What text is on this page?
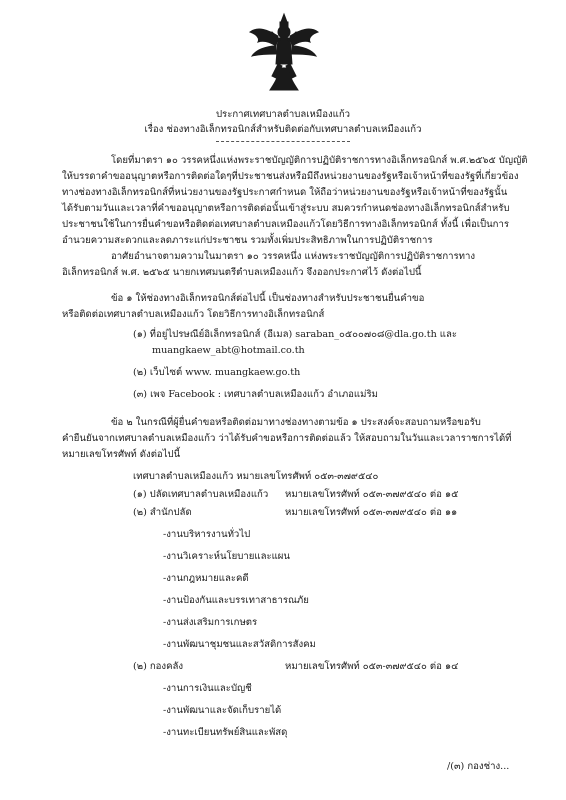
ประกาศเทศบาลตำบลเหมืองแก้ว
เรื่อง ช่องทางอิเล็กทรอนิกส์สำหรับติดต่อกับเทศบาลตำบลเหมืองแก้ว
โดยที่มาตรา ๑๐ วรรคหนึ่งแห่งพระราชบัญญัติการปฏิบัติราชการทางอิเล็กทรอนิกส์ พ.ศ.๒๕๖๕ บัญญัติ
ให้บรรดาคำขออนุญาตหรือการติดต่อใดๆที่ประชาชนส่งหรือมีถึงหน่วยงานของรัฐหรือเจ้าหน้าที่ของรัฐที่เกี่ยวข้อง
ทางช่องทางอิเล็กทรอนิกส์ที่หน่วยงานของรัฐประกาศกำหนด ให้ถือว่าหน่วยงานของรัฐหรือเจ้าหน้าที่ของรัฐนั้น
ได้รับตามวันและเวลาที่คำขออนุญาตหรือการติดต่อนั้นเข้าสู่ระบบ สมควรกำหนดช่องทางอิเล็กทรอนิกส์สำหรับ
ประชาชนใช้ในการยื่นคำขอหรือติดต่อเทศบาลตำบลเหมืองแก้วโดยวิธีการทางอิเล็กทรอนิกส์ ทั้งนี้ เพื่อเป็นการ
อำนวยความสะดวกและลดภาระแก่ประชาชน รวมทั้งเพิ่มประสิทธิภาพในการปฏิบัติราชการ
อาศัยอำนาจตามความในมาตรา ๑๐ วรรคหนึ่ง แห่งพระราชบัญญัติการปฏิบัติราชการทาง
อิเล็กทรอนิกส์ พ.ศ. ๒๕๖๕ นายกเทศมนตรีตำบลเหมืองแก้ว จึงออกประกาศไว้ ดังต่อไปนี้
ข้อ ๑ ให้ช่องทางอิเล็กทรอนิกส์ต่อไปนี้ เป็นช่องทางสำหรับประชาชนยื่นคำขอ
หรือติดต่อเทศบาลตำบลเหมืองแก้ว โดยวิธีการทางอิเล็กทรอนิกส์
(๑) ที่อยู่ไปรษณีย์อิเล็กทรอนิกส์ (อีเมล) saraban_๐๕๐๐๗๐๘@dla.go.th และ
muangkaew_abt@hotmail.co.th
(๒) เว็บไซต์ www. muangkaew.go.th
(๓) เพจ Facebook : เทศบาลตำบลเหมืองแก้ว อำเภอแม่ริม
ข้อ ๒ ในกรณีที่ผู้ยื่นคำขอหรือติดต่อมาทางช่องทางตามข้อ ๑ ประสงค์จะสอบถามหรือขอรับ
คำยืนยันจากเทศบาลตำบลเหมืองแก้ว ว่าได้รับคำขอหรือการติดต่อแล้ว ให้สอบถามในวันและเวลาราชการได้ที่
หมายเลขโทรศัพท์ ดังต่อไปนี้
เทศบาลตำบลเหมืองแก้ว หมายเลขโทรศัพท์ ๐๕๓-๓๗๙๕๔๐
(๑) ปลัดเทศบาลตำบลเหมืองแก้ว หมายเลขโทรศัพท์ ๐๕๓-๓๗๙๕๔๐ ต่อ ๑๕
(๒) สำนักปลัด	หมายเลขโทรศัพท์ ๐๕๓-๓๗๙๕๔๐ ต่อ ๑๑
-งานบริหารงานทั่วไป
-งานวิเคราะห์นโยบายและแผน
-งานกฎหมายและคดี
-งานป้องกันและบรรเทาสาธารณภัย
-งานส่งเสริมการเกษตร
-งานพัฒนาชุมชนและสวัสดิการสังคม
(๒) กองคลัง	หมายเลขโทรศัพท์ ๐๕๓-๓๗๙๕๔๐ ต่อ ๑๔
-งานการเงินและบัญชี
-งานพัฒนาและจัดเก็บรายได้
-งานทะเบียนทรัพย์สินและพัสดุ
/(๓) กองช่าง...
